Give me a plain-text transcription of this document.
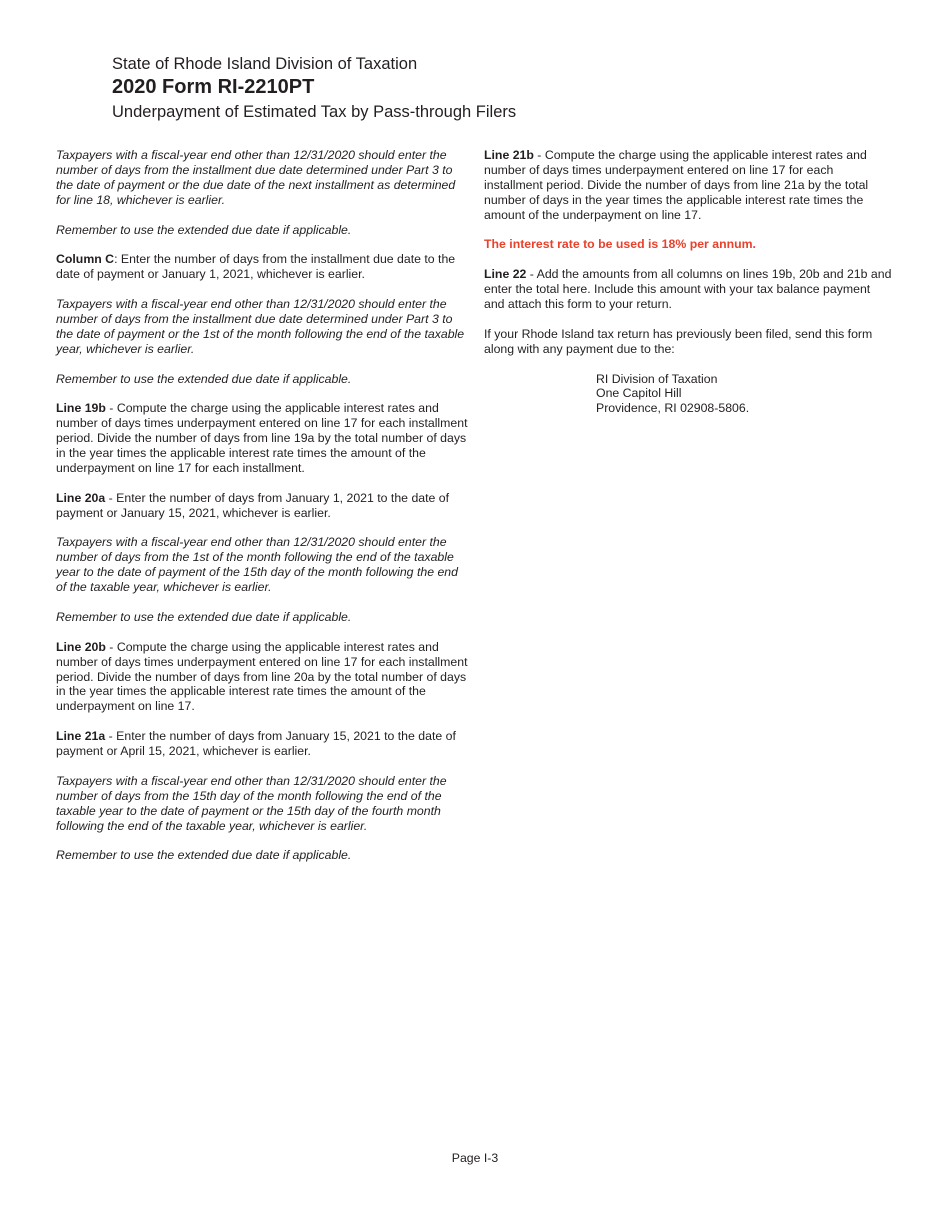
State of Rhode Island Division of Taxation
2020 Form RI-2210PT
Underpayment of Estimated Tax by Pass-through Filers

Taxpayers with a fiscal-year end other than 12/31/2020 should enter the number of days from the installment due date determined under Part 3 to the date of payment or the due date of the next installment as determined for line 18, whichever is earlier.

Remember to use the extended due date if applicable.

Column C: Enter the number of days from the installment due date to the date of payment or January 1, 2021, whichever is earlier.

Taxpayers with a fiscal-year end other than 12/31/2020 should enter the number of days from the installment due date determined under Part 3 to the date of payment or the 1st of the month following the end of the taxable year, whichever is earlier.

Remember to use the extended due date if applicable.

Line 19b - Compute the charge using the applicable interest rates and number of days times underpayment entered on line 17 for each installment period. Divide the number of days from line 19a by the total number of days in the year times the applicable interest rate times the amount of the underpayment on line 17 for each installment.

Line 20a - Enter the number of days from January 1, 2021 to the date of payment or January 15, 2021, whichever is earlier.

Taxpayers with a fiscal-year end other than 12/31/2020 should enter the number of days from the 1st of the month following the end of the taxable year to the date of payment of the 15th day of the month following the end of the taxable year, whichever is earlier.

Remember to use the extended due date if applicable.

Line 20b - Compute the charge using the applicable interest rates and number of days times underpayment entered on line 17 for each installment period. Divide the number of days from line 20a by the total number of days in the year times the applicable interest rate times the amount of the underpayment on line 17.

Line 21a - Enter the number of days from January 15, 2021 to the date of payment or April 15, 2021, whichever is earlier.

Taxpayers with a fiscal-year end other than 12/31/2020 should enter the number of days from the 15th day of the month following the end of the taxable year to the date of payment or the 15th day of the fourth month following the end of the taxable year, whichever is earlier.

Remember to use the extended due date if applicable.

Line 21b - Compute the charge using the applicable interest rates and number of days times underpayment entered on line 17 for each installment period. Divide the number of days from line 21a by the total number of days in the year times the applicable interest rate times the amount of the underpayment on line 17.

The interest rate to be used is 18% per annum.

Line 22 - Add the amounts from all columns on lines 19b, 20b and 21b and enter the total here. Include this amount with your tax balance payment and attach this form to your return.

If your Rhode Island tax return has previously been filed, send this form along with any payment due to the:

RI Division of Taxation
One Capitol Hill
Providence, RI 02908-5806.
Page I-3
